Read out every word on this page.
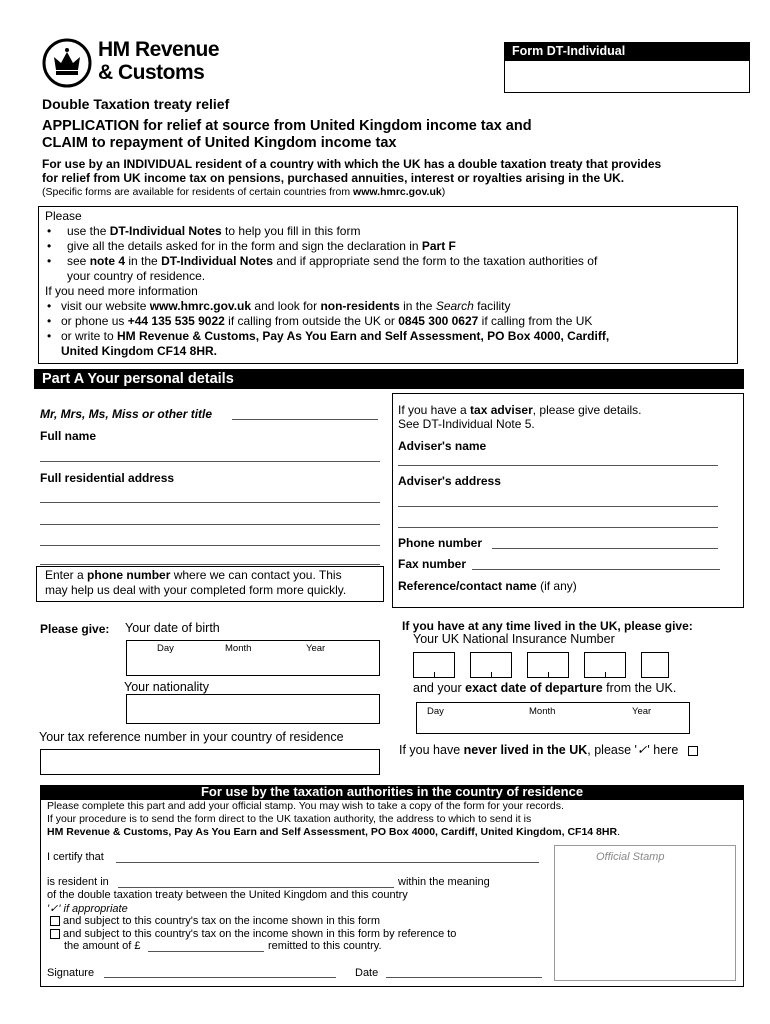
HM Revenue
& Customs
Form DT-Individual
Double Taxation treaty relief
APPLICATION for relief at source from United Kingdom income tax and
CLAIM to repayment of United Kingdom income tax
For use by an INDIVIDUAL resident of a country with which the UK has a double taxation treaty that provides
for relief from UK income tax on pensions, purchased annuities, interest or royalties arising in the UK.
(Specific forms are available for residents of certain countries from www.hmrc.gov.uk)
Please
• use the DT-Individual Notes to help you fill in this form
• give all the details asked for in the form and sign the declaration in Part F
• see note 4 in the DT-Individual Notes and if appropriate send the form to the taxation authorities of
your country of residence.
If you need more information
• visit our website www.hmrc.gov.uk and look for non-residents in the Search facility
• or phone us +44 135 535 9022 if calling from outside the UK or 0845 300 0627 if calling from the UK
• or write to HM Revenue & Customs, Pay As You Earn and Self Assessment, PO Box 4000, Cardiff,
United Kingdom CF14 8HR.
Part A Your personal details
Mr, Mrs, Ms, Miss or other title
Full name
Full residential address
Enter a phone number where we can contact you. This
may help us deal with your completed form more quickly.
If you have a tax adviser, please give details.
See DT-Individual Note 5.
Adviser's name
Adviser's address
Phone number
Fax number
Reference/contact name (if any)
Please give: Your date of birth
Day	Month	Year
Your nationality
Your tax reference number in your country of residence
If you have at any time lived in the UK, please give:
Your UK National Insurance Number
and your exact date of departure from the UK.
Day	Month	Year
If you have never lived in the UK, please '✓' here
For use by the taxation authorities in the country of residence
Please complete this part and add your official stamp. You may wish to take a copy of the form for your records.
If your procedure is to send the form direct to the UK taxation authority, the address to which to send it is
HM Revenue & Customs, Pay As You Earn and Self Assessment, PO Box 4000, Cardiff, United Kingdom, CF14 8HR.
I certify that	Official Stamp
is resident in	within the meaning
of the double taxation treaty between the United Kingdom and this country
'✓' if appropriate
and subject to this country's tax on the income shown in this form
and subject to this country's tax on the income shown in this form by reference to
the amount of £	remitted to this country.
Signature	Date
